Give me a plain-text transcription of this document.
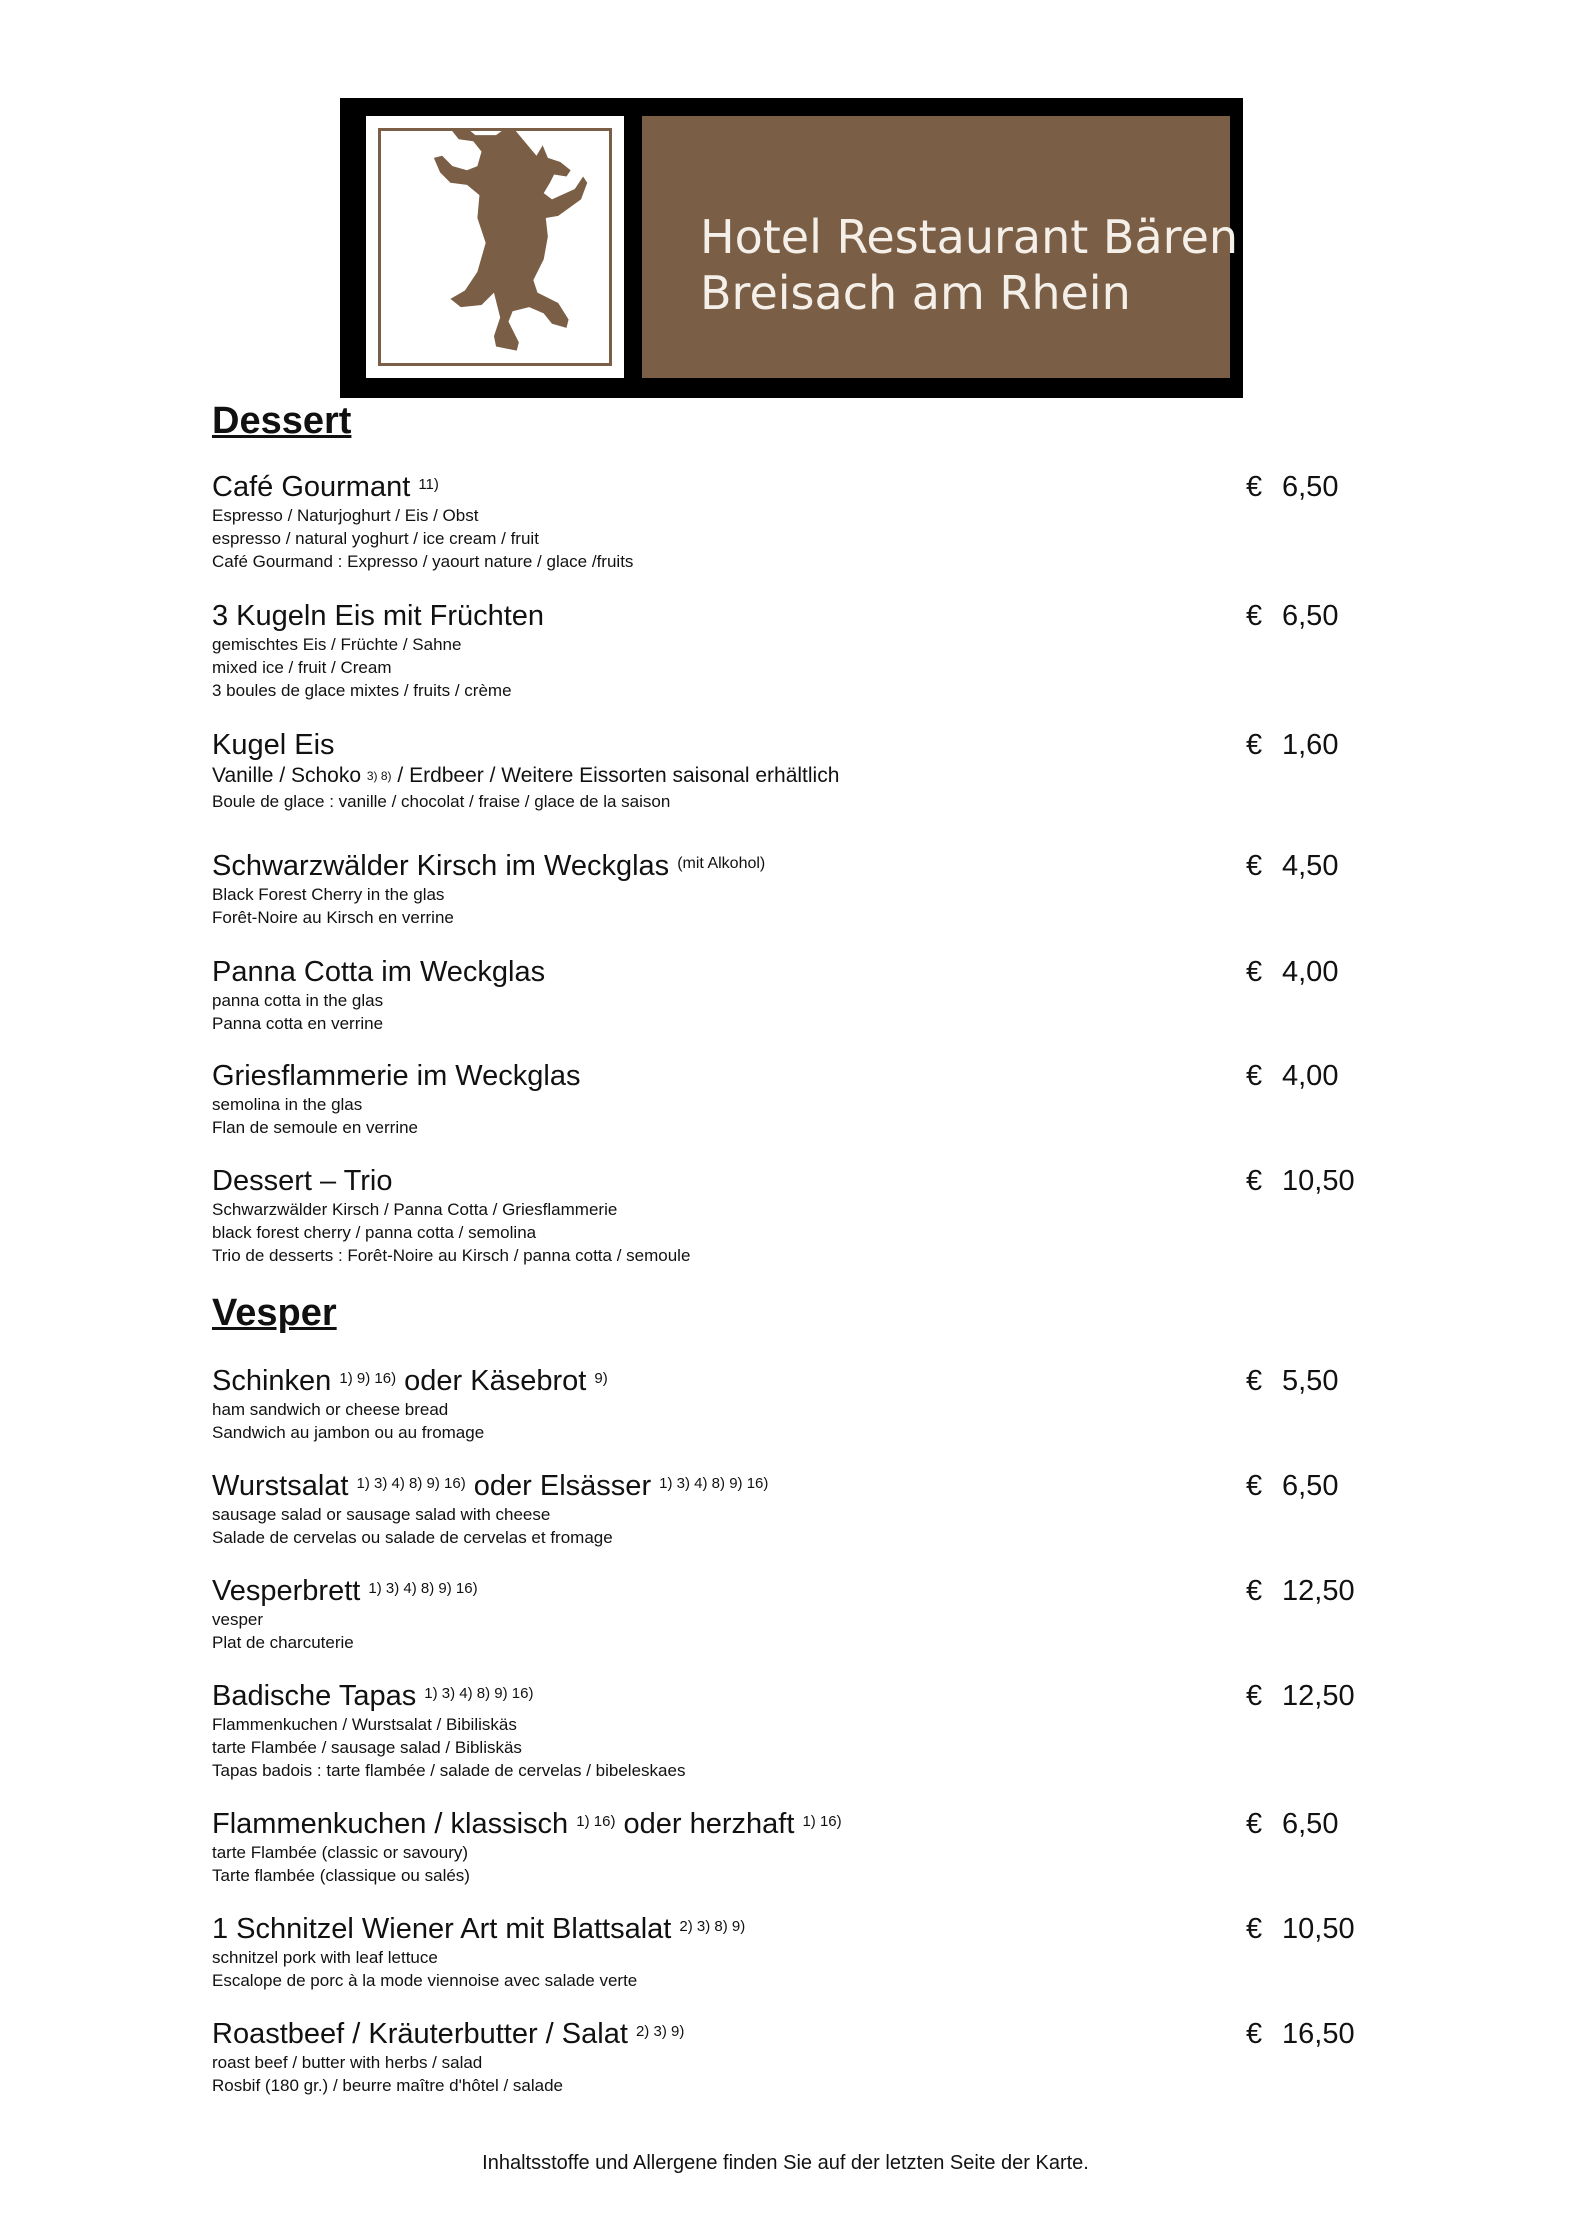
Hotel Restaurant Bären
Breisach am Rhein
Dessert
Café Gourmant $^{11)}$	€ 6,50
Espresso / Naturjoghurt / Eis / Obst
espresso / natural yoghurt / ice cream / fruit
Café Gourmand : Expresso / yaourt nature / glace /fruits
3 Kugeln Eis mit Früchten	€ 6,50
gemischtes Eis / Früchte / Sahne
mixed ice / fruit / Cream
3 boules de glace mixtes / fruits / crème
Kugel Eis	€ 1,60
Vanille / Schoko $^{3) 8)}$ / Erdbeer / Weitere Eissorten saisonal erhältlich
Boule de glace : vanille / chocolat / fraise / glace de la saison
Schwarzwälder Kirsch im Weckglas $^{(mit Alkohol)}$	€ 4,50
Black Forest Cherry in the glas
Forêt-Noire au Kirsch en verrine
Panna Cotta im Weckglas	€ 4,00
panna cotta in the glas
Panna cotta en verrine
Griesflammerie im Weckglas	€ 4,00
semolina in the glas
Flan de semoule en verrine
Dessert – Trio	€ 10,50
Schwarzwälder Kirsch / Panna Cotta / Griesflammerie
black forest cherry / panna cotta / semolina
Trio de desserts : Forêt-Noire au Kirsch / panna cotta / semoule
Vesper
Schinken $^{1) 9) 16)}$ oder Käsebrot $^{9)}$	€ 5,50
ham sandwich or cheese bread
Sandwich au jambon ou au fromage
Wurstsalat $^{1) 3) 4) 8) 9) 16)}$ oder Elsässer $^{1) 3) 4) 8) 9) 16)}$	€ 6,50
sausage salad or sausage salad with cheese
Salade de cervelas ou salade de cervelas et fromage
Vesperbrett $^{1) 3) 4) 8) 9) 16)}$	€ 12,50
vesper
Plat de charcuterie
Badische Tapas $^{1) 3) 4) 8) 9) 16)}$	€ 12,50
Flammenkuchen / Wurstsalat / Bibiliskäs
tarte Flambée / sausage salad / Bibliskäs
Tapas badois : tarte flambée / salade de cervelas / bibeleskaes
Flammenkuchen / klassisch $^{1) 16)}$ oder herzhaft $^{1) 16)}$	€ 6,50
tarte Flambée (classic or savoury)
Tarte flambée (classique ou salés)
1 Schnitzel Wiener Art mit Blattsalat $^{2) 3) 8) 9)}$	€ 10,50
schnitzel pork with leaf lettuce
Escalope de porc à la mode viennoise avec salade verte
Roastbeef / Kräuterbutter / Salat $^{2) 3) 9)}$	€ 16,50
roast beef / butter with herbs / salad
Rosbif (180 gr.) / beurre maître d'hôtel / salade
Inhaltsstoffe und Allergene finden Sie auf der letzten Seite der Karte.
